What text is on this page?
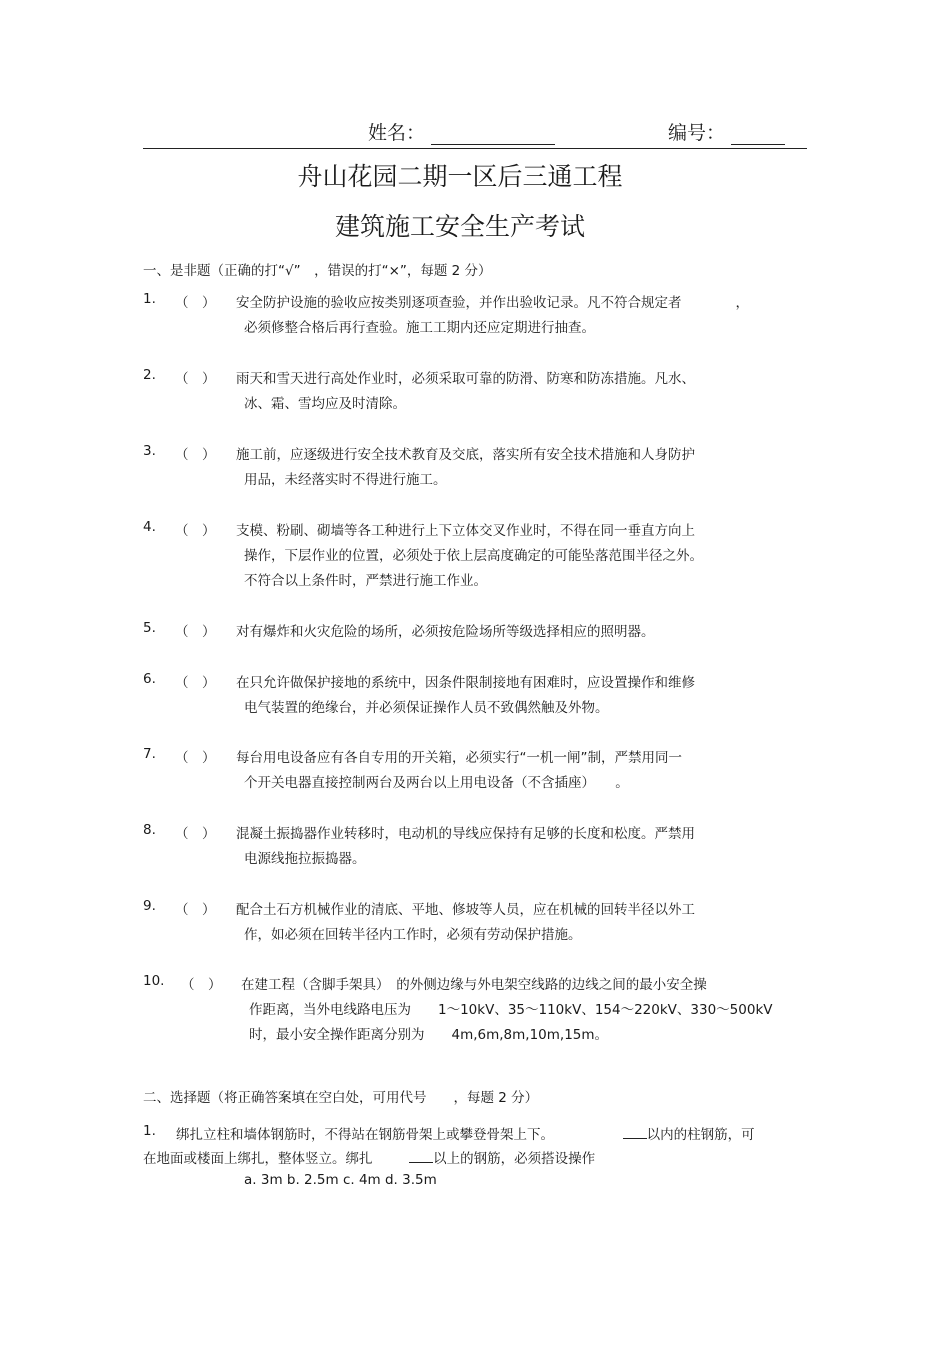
姓名：	编号：
舟山花园二期一区后三通工程
建筑施工安全生产考试
一、是非题（正确的打“√”　，错误的打“×”，每题 2 分）
1. （　） 安全防护设施的验收应按类别逐项查验，并作出验收记录。凡不符合规定者　　　　，
必须修整合格后再行查验。施工工期内还应定期进行抽查。
2. （　） 雨天和雪天进行高处作业时，必须采取可靠的防滑、防寒和防冻措施。凡水、
冰、霜、雪均应及时清除。
3. （　） 施工前，应逐级进行安全技术教育及交底，落实所有安全技术措施和人身防护
用品，未经落实时不得进行施工。
4. （　） 支模、粉刷、砌墙等各工种进行上下立体交叉作业时，不得在同一垂直方向上
操作，下层作业的位置，必须处于依上层高度确定的可能坠落范围半径之外。
不符合以上条件时，严禁进行施工作业。
5. （　） 对有爆炸和火灾危险的场所，必须按危险场所等级选择相应的照明器。
6. （　） 在只允许做保护接地的系统中，因条件限制接地有困难时，应设置操作和维修
电气装置的绝缘台，并必须保证操作人员不致偶然触及外物。
7. （　） 每台用电设备应有各自专用的开关箱，必须实行“一机一闸”制，严禁用同一
个开关电器直接控制两台及两台以上用电设备（不含插座）　　。
8. （　） 混凝土振捣器作业转移时，电动机的导线应保持有足够的长度和松度。严禁用
电源线拖拉振捣器。
9. （　） 配合土石方机械作业的清底、平地、修坡等人员，应在机械的回转半径以外工
作，如必须在回转半径内工作时，必须有劳动保护措施。
10. （　） 在建工程（含脚手架具）　的外侧边缘与外电架空线路的边线之间的最小安全操
作距离，当外电线路电压为　　1～10kV、35～110kV、154～220kV、330～500kV
时，最小安全操作距离分别为　　4m,6m,8m,10m,15m。
二、选择题（将正确答案填在空白处，可用代号　　，每题 2 分）
1. 绑扎立柱和墙体钢筋时，不得站在钢筋骨架上或攀登骨架上下。	以内的柱钢筋，可
在地面或楼面上绑扎，整体竖立。绑扎	以上的钢筋，必须搭设操作
a. 3m b. 2.5m c. 4m d. 3.5m
